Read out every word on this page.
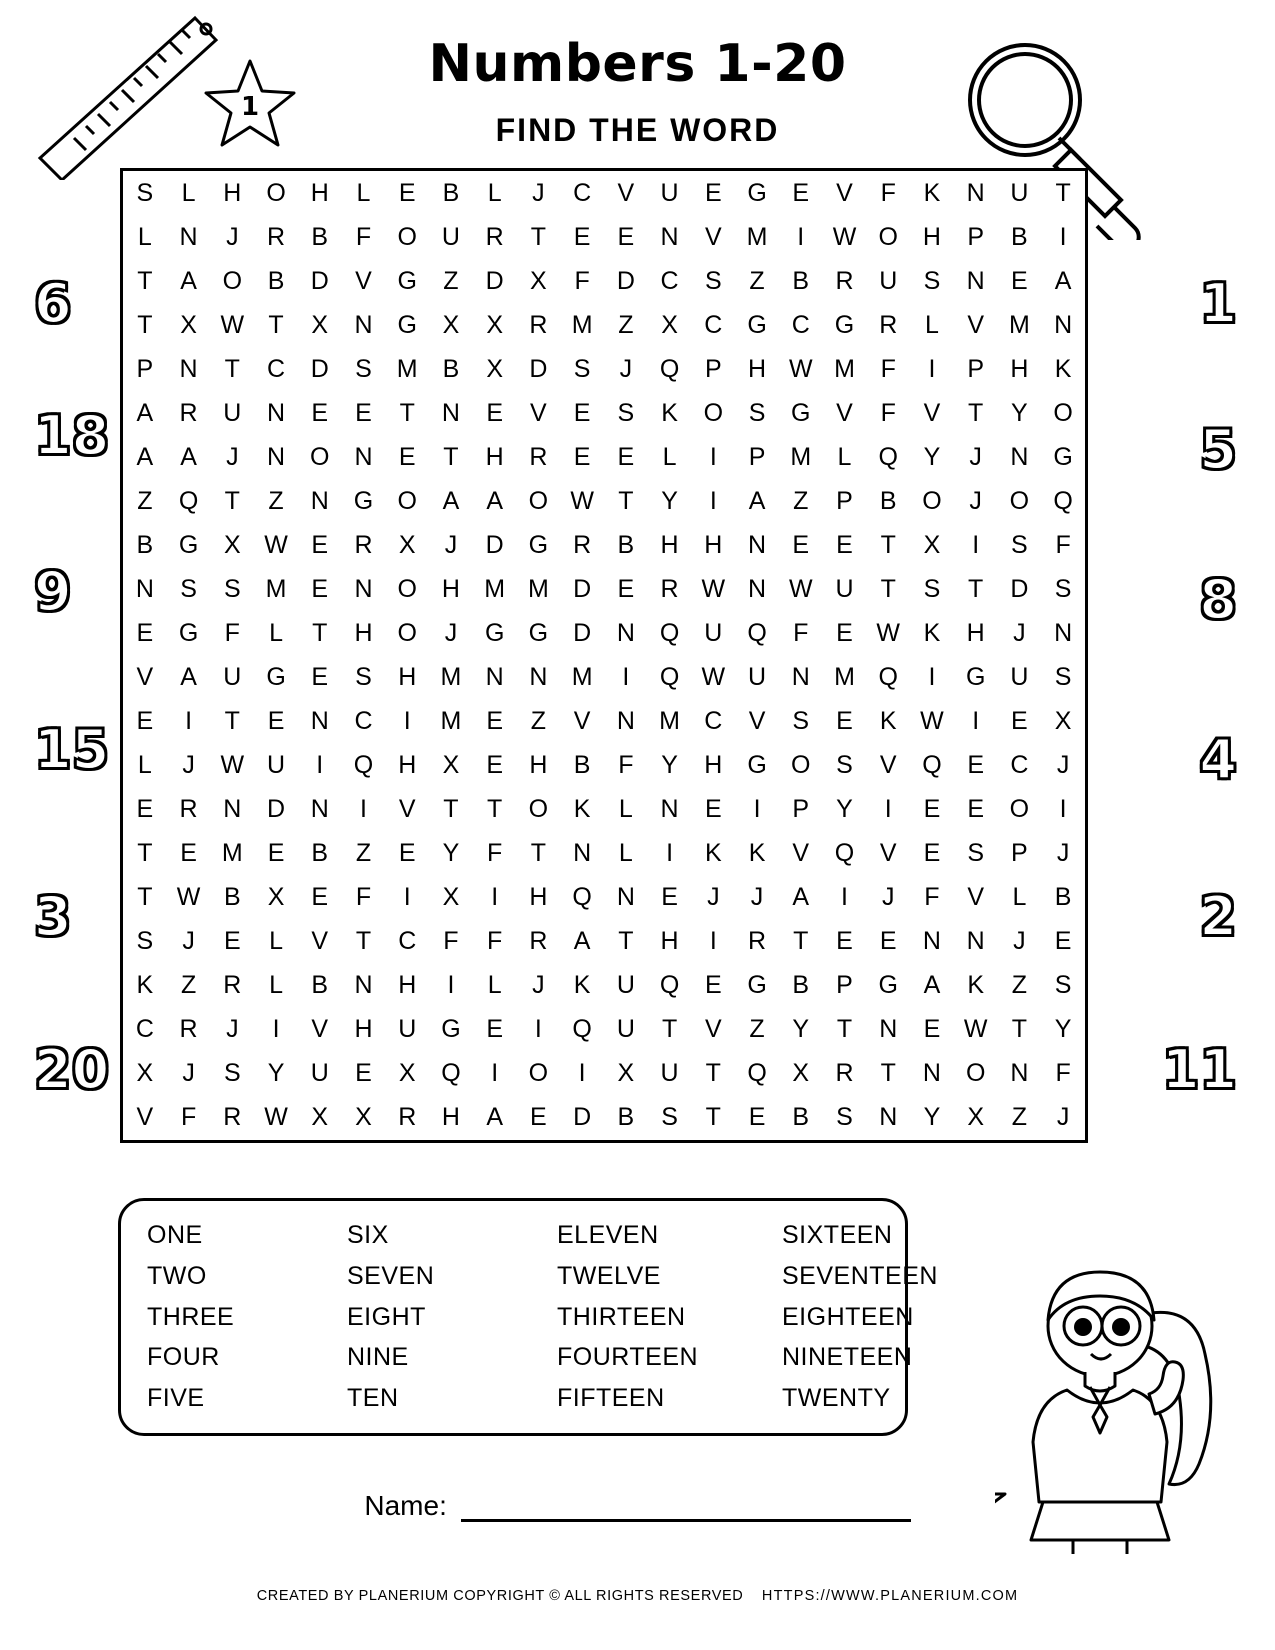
Numbers 1-20
FIND THE WORD
1
6
18
9
15
3
20
1
5
8
4
2
11
S L H O H L E B L J C V U E G E V F K N U T
L N J R B F O U R T E E N V M I W O H P B I
T A O B D V G Z D X F D C S Z B R U S N E A
T X W T X N G X X R M Z X C G C G R L V M N
P N T C D S M B X D S J Q P H W M F I P H K
A R U N E E T N E V E S K O S G V F V T Y O
A A J N O N E T H R E E L I P M L Q Y J N G
Z Q T Z N G O A A O W T Y I A Z P B O J O Q
B G X W E R X J D G R B H H N E E T X I S F
N S S M E N O H M M D E R W N W U T S T D S
E G F L T H O J G G D N Q U Q F E W K H J N
V A U G E S H M N N M I Q W U N M Q I G U S
E I T E N C I M E Z V N M C V S E K W I E X
L J W U I Q H X E H B F Y H G O S V Q E C J
E R N D N I V T T O K L N E I P Y I E E O I
T E M E B Z E Y F T N L I K K V Q V E S P J
T W B X E F I X I H Q N E J J A I J F V L B
S J E L V T C F F R A T H I R T E E N N J E
K Z R L B N H I L J K U Q E G B P G A K Z S
C R J I V H U G E I Q U T V Z Y T N E W T Y
X J S Y U E X Q I O I X U T Q X R T N O N F
V F R W X X R H A E D B S T E B S N Y X Z J
ONE
TWO
THREE
FOUR
FIVE
SIX
SEVEN
EIGHT
NINE
TEN
ELEVEN
TWELVE
THIRTEEN
FOURTEEN
FIFTEEN
SIXTEEN
SEVENTEEN
EIGHTEEN
NINETEEN
TWENTY
Name:
CREATED BY PLANERIUM COPYRIGHT © ALL RIGHTS RESERVED HTTPS://WWW.PLANERIUM.COM
